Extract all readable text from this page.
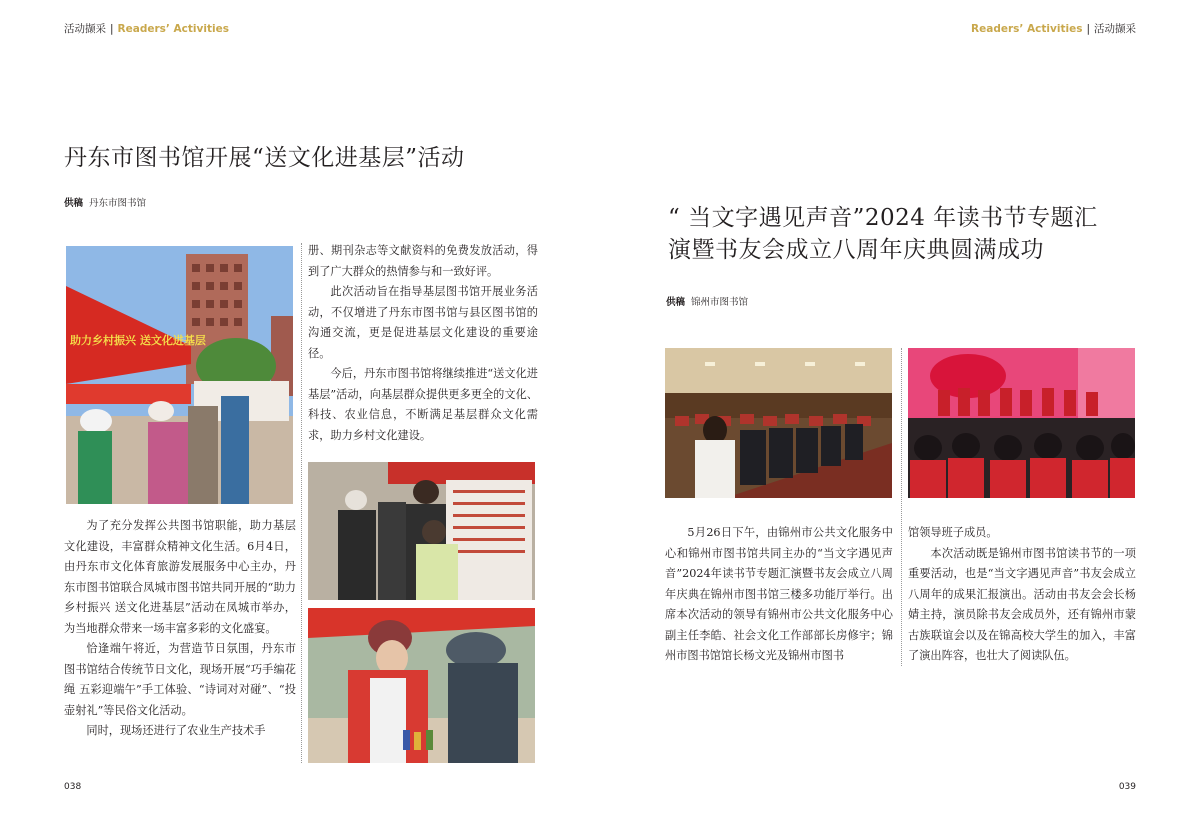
活动撷采 | Readers’ Activities
丹东市图书馆开展“送文化进基层”活动
供稿 丹东市图书馆
助力乡村振兴 送文化进基层

为了充分发挥公共图书馆职能，助力基层文化建设，丰富群众精神文化生活。6月4日，由丹东市文化体育旅游发展服务中心主办，丹东市图书馆联合凤城市图书馆共同开展的“助力乡村振兴 送文化进基层”活动在凤城市举办，为当地群众带来一场丰富多彩的文化盛宴。

恰逢端午将近，为营造节日氛围，丹东市图书馆结合传统节日文化，现场开展“巧手编花绳 五彩迎端午”手工体验、“诗词对对碰”、“投壶射礼”等民俗文化活动。

同时，现场还进行了农业生产技术手

册、期刊杂志等文献资料的免费发放活动，得到了广大群众的热情参与和一致好评。

此次活动旨在指导基层图书馆开展业务活动，不仅增进了丹东市图书馆与县区图书馆的沟通交流，更是促进基层文化建设的重要途径。

今后，丹东市图书馆将继续推进“送文化进基层”活动，向基层群众提供更多更全的文化、科技、农业信息，不断满足基层群众文化需求，助力乡村文化建设。

038
Readers’ Activities | 活动撷采
“ 当文字遇见声音”2024 年读书节专题汇
演暨书友会成立八周年庆典圆满成功
供稿 锦州市图书馆

5月26日下午，由锦州市公共文化服务中心和锦州市图书馆共同主办的“当文字遇见声音”2024年读书节专题汇演暨书友会成立八周年庆典在锦州市图书馆三楼多功能厅举行。出席本次活动的领导有锦州市公共文化服务中心副主任李皓、社会文化工作部部长房修宇；锦州市图书馆馆长杨文光及锦州市图书

馆领导班子成员。

本次活动既是锦州市图书馆读书节的一项重要活动，也是“当文字遇见声音”书友会成立八周年的成果汇报演出。活动由书友会会长杨婧主持，演员除书友会成员外，还有锦州市蒙古族联谊会以及在锦高校大学生的加入，丰富了演出阵容，也壮大了阅读队伍。

039
